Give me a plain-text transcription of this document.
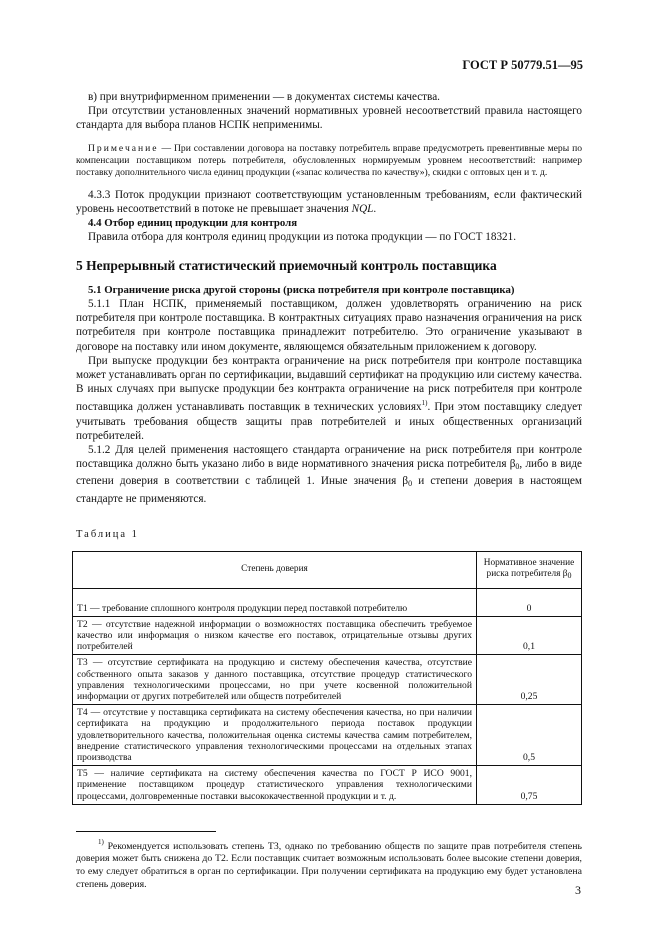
ГОСТ Р 50779.51—95

в) при внутрифирменном применении — в документах системы качества.

При отсутствии установленных значений нормативных уровней несоответствий правила настоящего стандарта для выбора планов НСПК неприменимы.

Примечание — При составлении договора на поставку потребитель вправе предусмотреть превентивные меры по компенсации поставщиком потерь потребителя, обусловленных нормируемым уровнем несоответствий: например поставку дополнительного числа единиц продукции («запас количества по качеству»), скидки с оптовых цен и т. д.

4.3.3 Поток продукции признают соответствующим установленным требованиям, если фактический уровень несоответствий в потоке не превышает значения NQL.

4.4 Отбор единиц продукции для контроля

Правила отбора для контроля единиц продукции из потока продукции — по ГОСТ 18321.

5 Непрерывный статистический приемочный контроль поставщика
5.1 Ограничение риска другой стороны (риска потребителя при контроле поставщика)

5.1.1 План НСПК, применяемый поставщиком, должен удовлетворять ограничению на риск потребителя при контроле поставщика. В контрактных ситуациях право назначения ограничения на риск потребителя при контроле поставщика принадлежит потребителю. Это ограничение указывают в договоре на поставку или ином документе, являющемся обязательным приложением к договору.

При выпуске продукции без контракта ограничение на риск потребителя при контроле поставщика может устанавливать орган по сертификации, выдавший сертификат на продукцию или систему качества. В иных случаях при выпуске продукции без контракта ограничение на риск потребителя при контроле поставщика должен устанавливать поставщик в технических условиях$^{1)}$. При этом поставщику следует учитывать требования обществ защиты прав потребителей и иных общественных организаций потребителей.

5.1.2 Для целей применения настоящего стандарта ограничение на риск потребителя при контроле поставщика должно быть указано либо в виде нормативного значения риска потребителя $\beta_0$, либо в виде степени доверия в соответствии с таблицей 1. Иные значения $\beta_0$ и степени доверия в настоящем стандарте не применяются.

Таблица 1
Степень доверия	Нормативное значение риска потребителя β0
Т1 — требование сплошного контроля продукции перед поставкой потребителю	0
Т2 — отсутствие надежной информации о возможностях поставщика обеспечить требуемое качество или информация о низком качестве его поставок, отрицательные отзывы других потребителей	0,1
Т3 — отсутствие сертификата на продукцию и систему обеспечения качества, отсутствие собственного опыта заказов у данного поставщика, отсутствие процедур статистического управления технологическими процессами, но при учете косвенной положительной информации от других потребителей или обществ потребителей	0,25
Т4 — отсутствие у поставщика сертификата на систему обеспечения качества, но при наличии сертификата на продукцию и продолжительного периода поставок продукции удовлетворительного качества, положительная оценка системы качества самим потребителем, внедрение статистического управления технологическими процессами на отдельных этапах производства	0,5
Т5 — наличие сертификата на систему обеспечения качества по ГОСТ Р ИСО 9001, применение поставщиком процедур статистического управления технологическими процессами, долговременные поставки высококачественной продукции и т. д.	0,75

$^{1)}$ Рекомендуется использовать степень Т3, однако по требованию обществ по защите прав потребителя степень доверия может быть снижена до Т2. Если поставщик считает возможным использовать более высокие степени доверия, то ему следует обратиться в орган по сертификации. При получении сертификата на продукцию ему будет установлена степень доверия.	3
